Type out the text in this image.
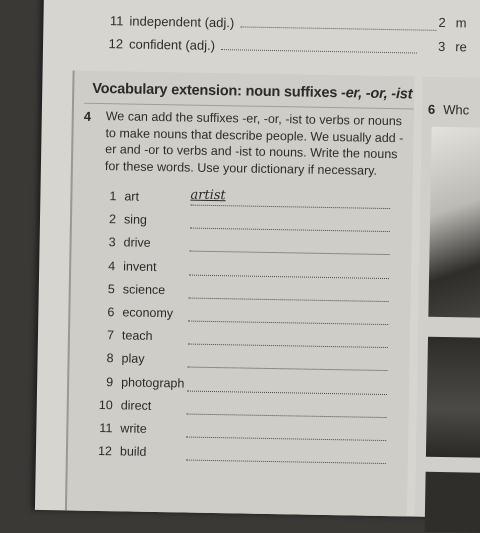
11 independent (adj.)
12 confident (adj.)
2 m
3 re
Vocabulary extension: noun suffixes -er, -or, -ist
4 We can add the suffixes -er, -or, -ist to verbs or nouns to make nouns that describe people. We usually add -er and -or to verbs and -ist to nouns. Write the nouns for these words. Use your dictionary if necessary.
1 art	artist
2 sing
3 drive
4 invent
5 science
6 economy
7 teach
8 play
9 photograph
10 direct
11 write
12 build
6 Whc
